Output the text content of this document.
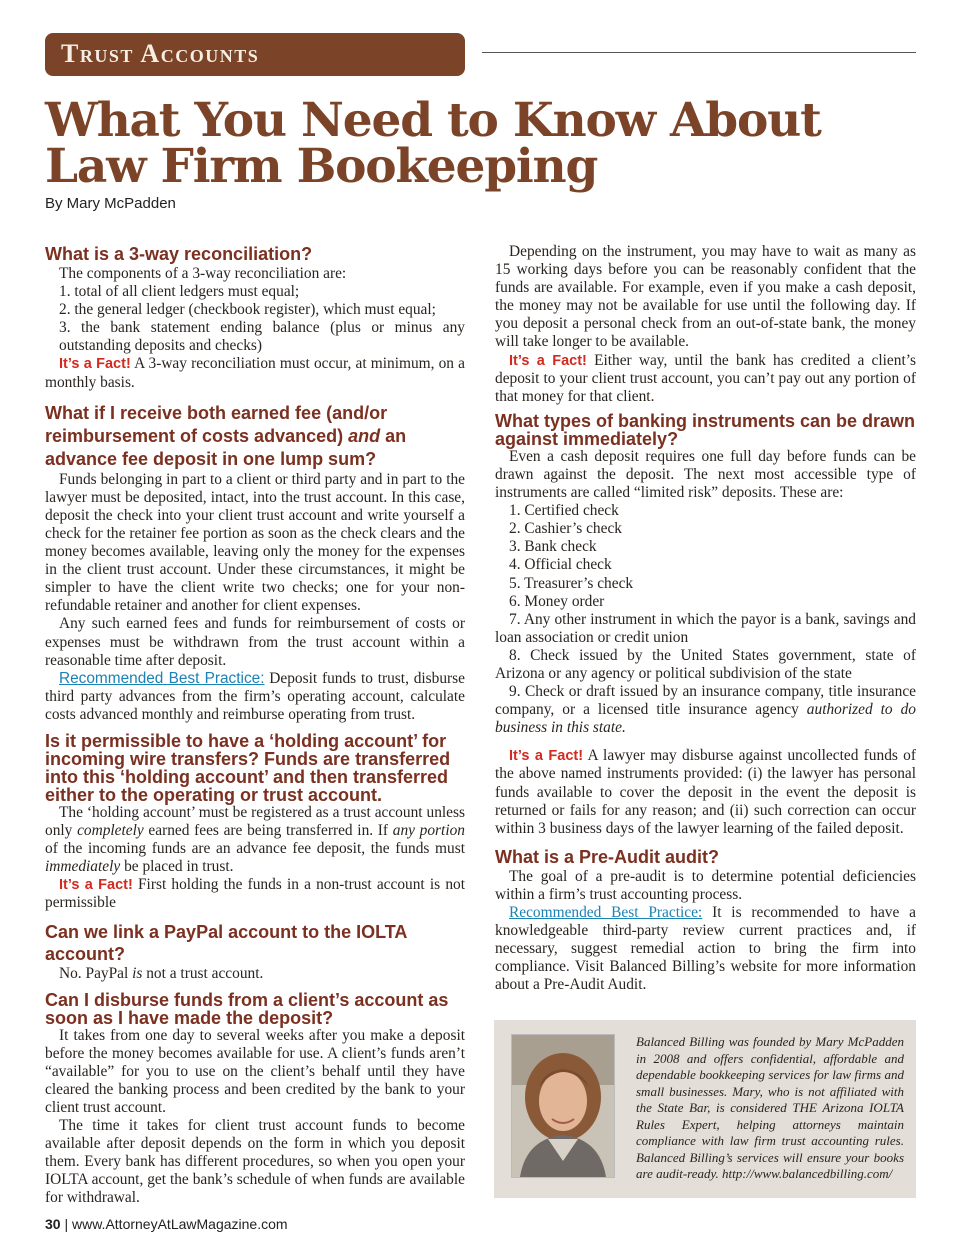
Trust Accounts
What You Need to Know About Law Firm Bookeeping
By Mary McPadden
What is a 3-way reconciliation?

The components of a 3-way reconciliation are:

1. total of all client ledgers must equal;
2. the general ledger (checkbook register), which must equal;
3. the bank statement ending balance (plus or minus any outstanding deposits and checks)

It’s a Fact! A 3-way reconciliation must occur, at minimum, on a monthly basis.

What if I receive both earned fee (and/or reimbursement of costs advanced) and an advance fee deposit in one lump sum?

Funds belonging in part to a client or third party and in part to the lawyer must be deposited, intact, into the trust account. In this case, deposit the check into your client trust account and write yourself a check for the retainer fee portion as soon as the check clears and the money becomes available, leaving only the money for the expenses in the client trust account. Under these circumstances, it might be simpler to have the client write two checks; one for your non-refundable retainer and another for client expenses.

Any such earned fees and funds for reimbursement of costs or expenses must be withdrawn from the trust account within a reasonable time after deposit.

Recommended Best Practice: Deposit funds to trust, disburse third party advances from the firm’s operating account, calculate costs advanced monthly and reimburse operating from trust.

Is it permissible to have a ‘holding account’ for incoming wire transfers? Funds are transferred into this ‘holding account’ and then transferred either to the operating or trust account.

The ‘holding account’ must be registered as a trust account unless only completely earned fees are being transferred in. If any portion of the incoming funds are an advance fee deposit, the funds must immediately be placed in trust.

It’s a Fact! First holding the funds in a non-trust account is not permissible

Can we link a PayPal account to the IOLTA account?

No. PayPal is not a trust account.

Can I disburse funds from a client’s account as soon as I have made the deposit?

It takes from one day to several weeks after you make a deposit before the money becomes available for use. A client’s funds aren’t “available” for you to use on the client’s behalf until they have cleared the banking process and been credited by the bank to your client trust account.

The time it takes for client trust account funds to become available after deposit depends on the form in which you deposit them. Every bank has different procedures, so when you open your IOLTA account, get the bank’s schedule of when funds are available for withdrawal.

Depending on the instrument, you may have to wait as many as 15 working days before you can be reasonably confident that the funds are available. For example, even if you make a cash deposit, the money may not be available for use until the following day. If you deposit a personal check from an out-of-state bank, the money will take longer to be available.

It’s a Fact! Either way, until the bank has credited a client’s deposit to your client trust account, you can’t pay out any portion of that money for that client.

What types of banking instruments can be drawn against immediately?

Even a cash deposit requires one full day before funds can be drawn against the deposit. The next most accessible type of instruments are called “limited risk” deposits. These are:

1. Certified check
2. Cashier’s check
3. Bank check
4. Official check
5. Treasurer’s check
6. Money order

7. Any other instrument in which the payor is a bank, savings and loan association or credit union

8. Check issued by the United States government, state of Arizona or any agency or political subdivision of the state

9. Check or draft issued by an insurance company, title insurance company, or a licensed title insurance agency authorized to do business in this state.

It’s a Fact! A lawyer may disburse against uncollected funds of the above named instruments provided: (i) the lawyer has personal funds available to cover the deposit in the event the deposit is returned or fails for any reason; and (ii) such correction can occur within 3 business days of the lawyer learning of the failed deposit.

What is a Pre-Audit audit?

The goal of a pre-audit is to determine potential deficiencies within a firm’s trust accounting process.

Recommended Best Practice: It is recommended to have a knowledgeable third-party review current practices and, if necessary, suggest remedial action to bring the firm into compliance. Visit Balanced Billing’s website for more information about a Pre-Audit Audit.

Balanced Billing was founded by Mary McPadden in 2008 and offers confidential, affordable and dependable bookkeeping services for law firms and small businesses. Mary, who is not affiliated with the State Bar, is considered THE Arizona IOLTA Rules Expert, helping attorneys maintain compliance with law firm trust accounting rules. Balanced Billing’s services will ensure your books are audit-ready. http://www.balancedbilling.com/
30 | www.AttorneyAtLawMagazine.com
